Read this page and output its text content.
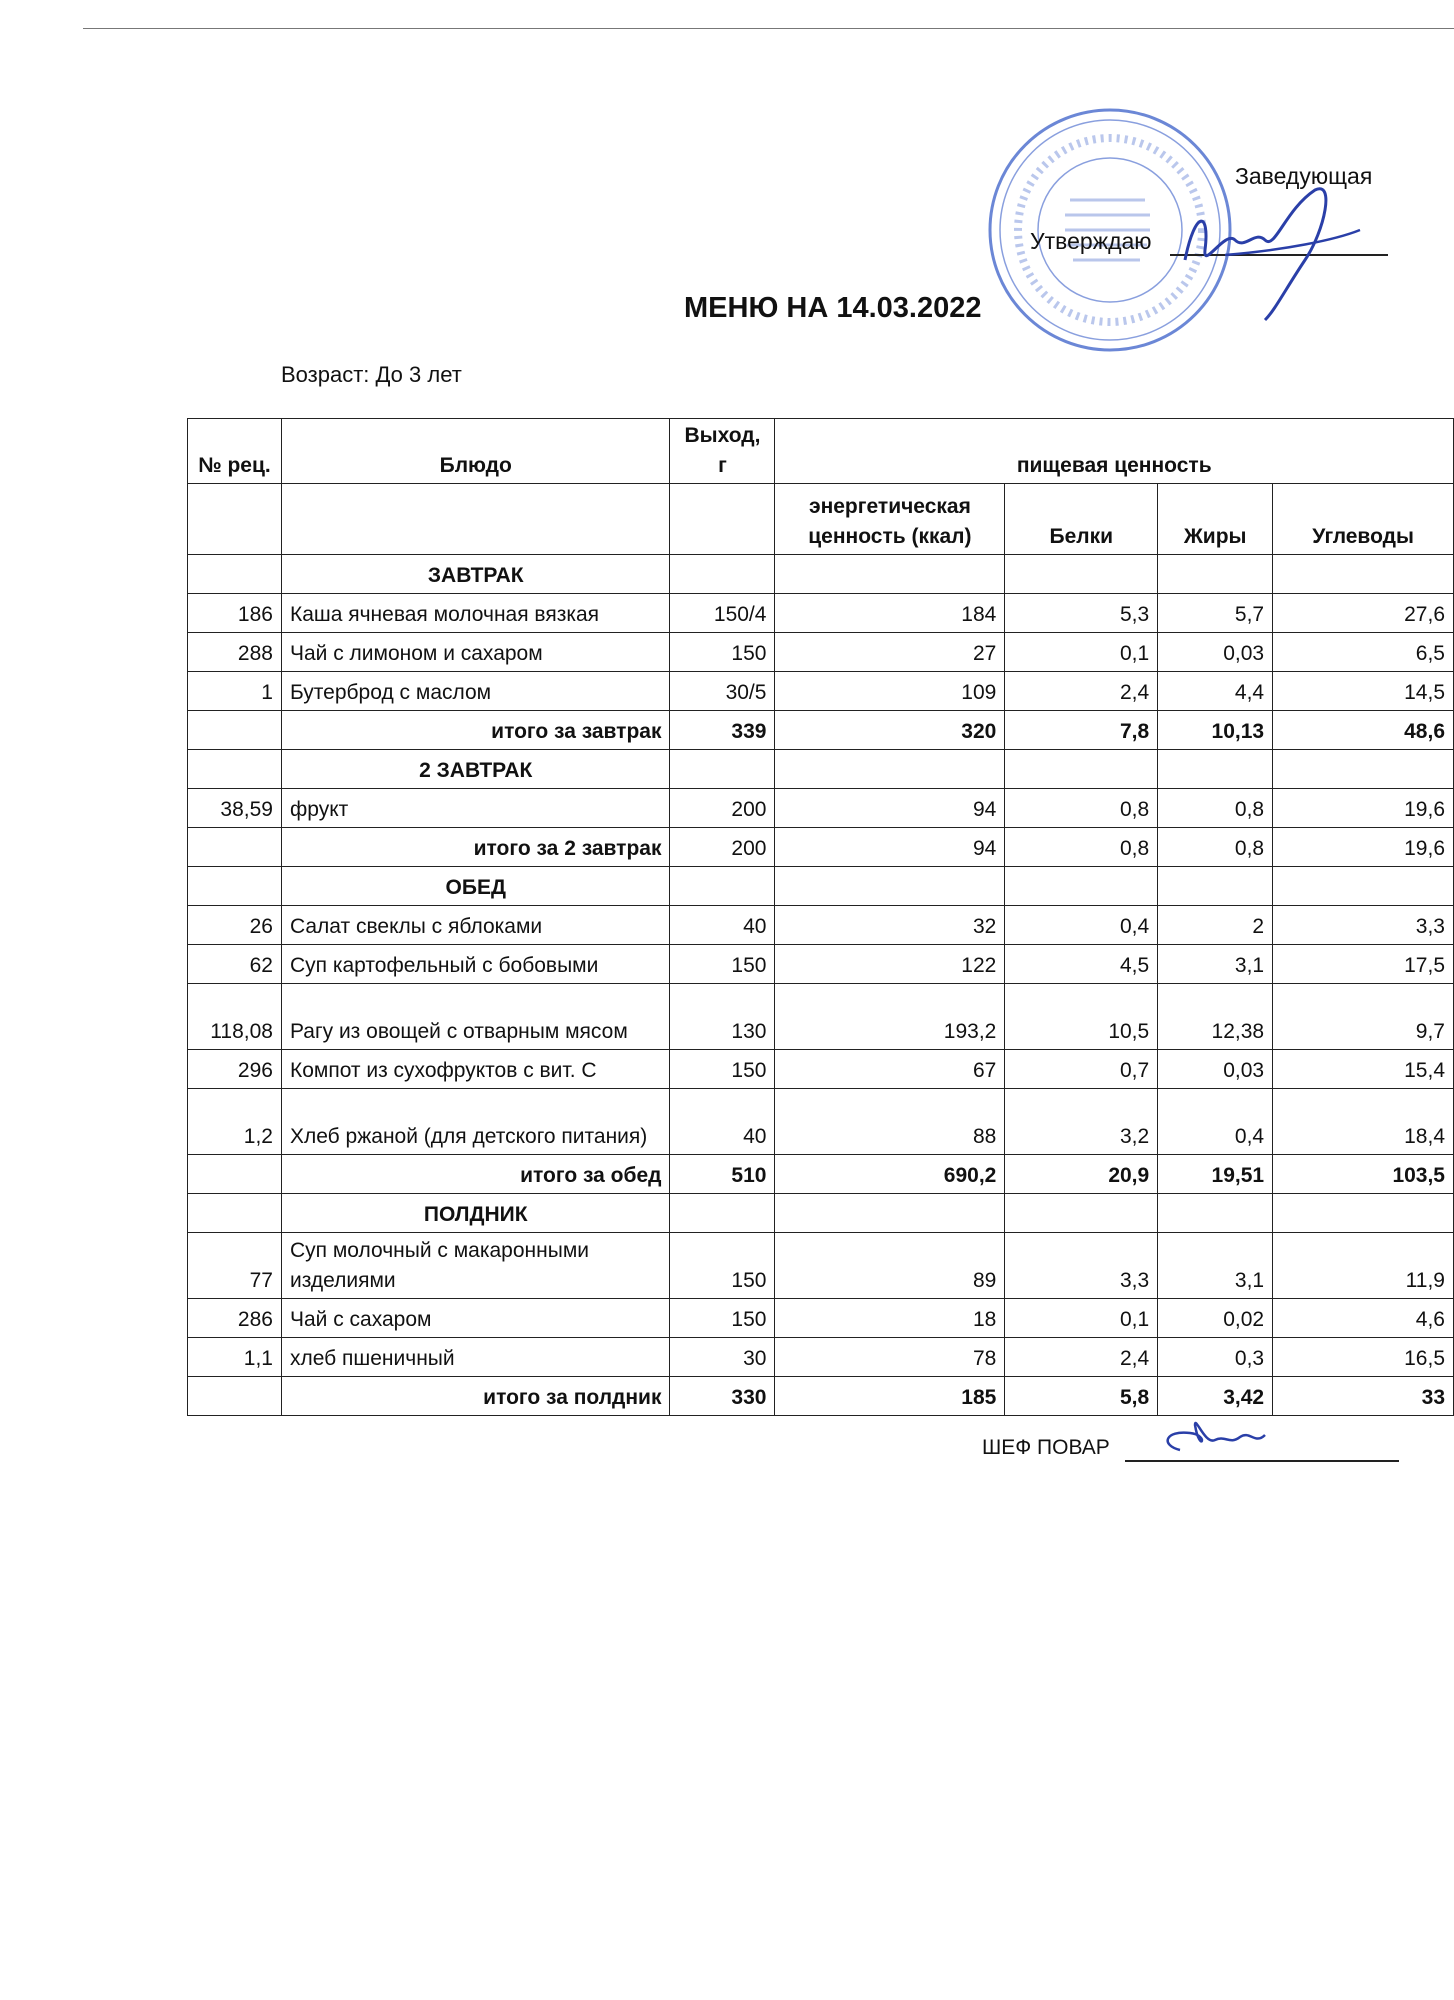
Заведующая
Утверждаю
МЕНЮ НА 14.03.2022
Возраст: До 3 лет
№ рец.	Блюдо	Выход, г	пищевая ценность			
			энергетическая ценность (ккал)	Белки	Жиры	Углеводы
	ЗАВТРАК					
186	Каша ячневая молочная вязкая	150/4	184	5,3	5,7	27,6
288	Чай с лимоном и сахаром	150	27	0,1	0,03	6,5
1	Бутерброд с маслом	30/5	109	2,4	4,4	14,5
	итого за завтрак	339	320	7,8	10,13	48,6
	2 ЗАВТРАК					
38,59	фрукт	200	94	0,8	0,8	19,6
	итого за 2 завтрак	200	94	0,8	0,8	19,6
	ОБЕД					
26	Салат свеклы с яблоками	40	32	0,4	2	3,3
62	Суп картофельный с бобовыми	150	122	4,5	3,1	17,5
118,08	Рагу из овощей с отварным мясом	130	193,2	10,5	12,38	9,7
296	Компот из сухофруктов с вит. С	150	67	0,7	0,03	15,4
1,2	Хлеб ржаной (для детского питания)	40	88	3,2	0,4	18,4
	итого за обед	510	690,2	20,9	19,51	103,5
	ПОЛДНИК					
77	Суп молочный с макаронными изделиями	150	89	3,3	3,1	11,9
286	Чай с сахаром	150	18	0,1	0,02	4,6
1,1	хлеб пшеничный	30	78	2,4	0,3	16,5
	итого за полдник	330	185	5,8	3,42	33
ШЕФ ПОВАР
